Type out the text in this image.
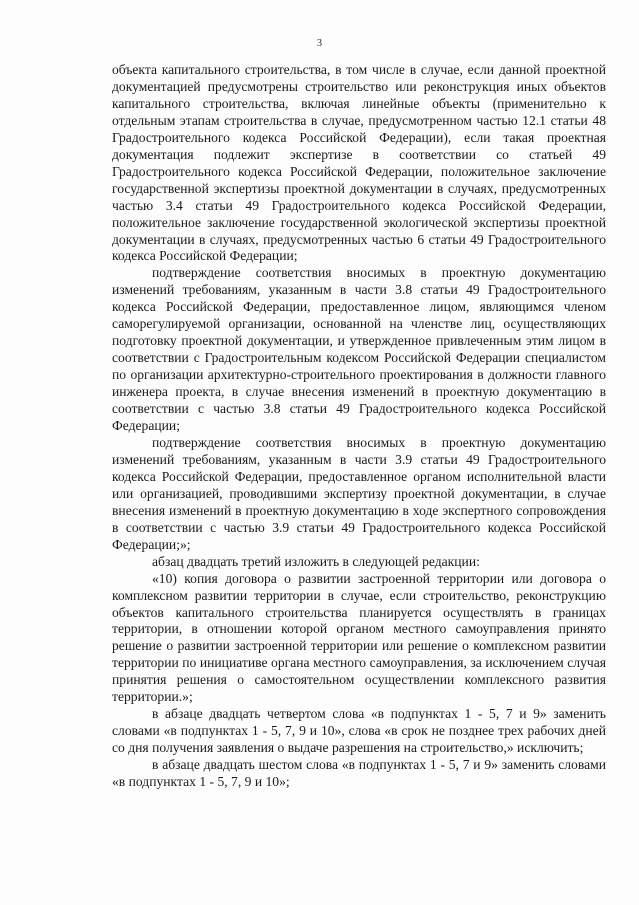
3

объекта капитального строительства, в том числе в случае, если данной проектной документацией предусмотрены строительство или реконструкция иных объектов капитального строительства, включая линейные объекты (применительно к отдельным этапам строительства в случае, предусмотренном частью 12.1 статьи 48 Градостроительного кодекса Российской Федерации), если такая проектная документация подлежит экспертизе в соответствии со статьей 49 Градостроительного кодекса Российской Федерации, положительное заключение государственной экспертизы проектной документации в случаях, предусмотренных частью 3.4 статьи 49 Градостроительного кодекса Российской Федерации, положительное заключение государственной экологической экспертизы проектной документации в случаях, предусмотренных частью 6 статьи 49 Градостроительного кодекса Российской Федерации;

подтверждение соответствия вносимых в проектную документацию изменений требованиям, указанным в части 3.8 статьи 49 Градостроительного кодекса Российской Федерации, предоставленное лицом, являющимся членом саморегулируемой организации, основанной на членстве лиц, осуществляющих подготовку проектной документации, и утвержденное привлеченным этим лицом в соответствии с Градостроительным кодексом Российской Федерации специалистом по организации архитектурно-строительного проектирования в должности главного инженера проекта, в случае внесения изменений в проектную документацию в соответствии с частью 3.8 статьи 49 Градостроительного кодекса Российской Федерации;

подтверждение соответствия вносимых в проектную документацию изменений требованиям, указанным в части 3.9 статьи 49 Градостроительного кодекса Российской Федерации, предоставленное органом исполнительной власти или организацией, проводившими экспертизу проектной документации, в случае внесения изменений в проектную документацию в ходе экспертного сопровождения в соответствии с частью 3.9 статьи 49 Градостроительного кодекса Российской Федерации;»;

абзац двадцать третий изложить в следующей редакции:

«10) копия договора о развитии застроенной территории или договора о комплексном развитии территории в случае, если строительство, реконструкцию объектов капитального строительства планируется осуществлять в границах территории, в отношении которой органом местного самоуправления принято решение о развитии застроенной территории или решение о комплексном развитии территории по инициативе органа местного самоуправления, за исключением случая принятия решения о самостоятельном осуществлении комплексного развития территории.»;

в абзаце двадцать четвертом слова «в подпунктах 1 - 5, 7 и 9» заменить словами «в подпунктах 1 - 5, 7, 9 и 10», слова «в срок не позднее трех рабочих дней со дня получения заявления о выдаче разрешения на строительство,» исключить;

в абзаце двадцать шестом слова «в подпунктах 1 - 5, 7 и 9» заменить словами «в подпунктах 1 - 5, 7, 9 и 10»;
